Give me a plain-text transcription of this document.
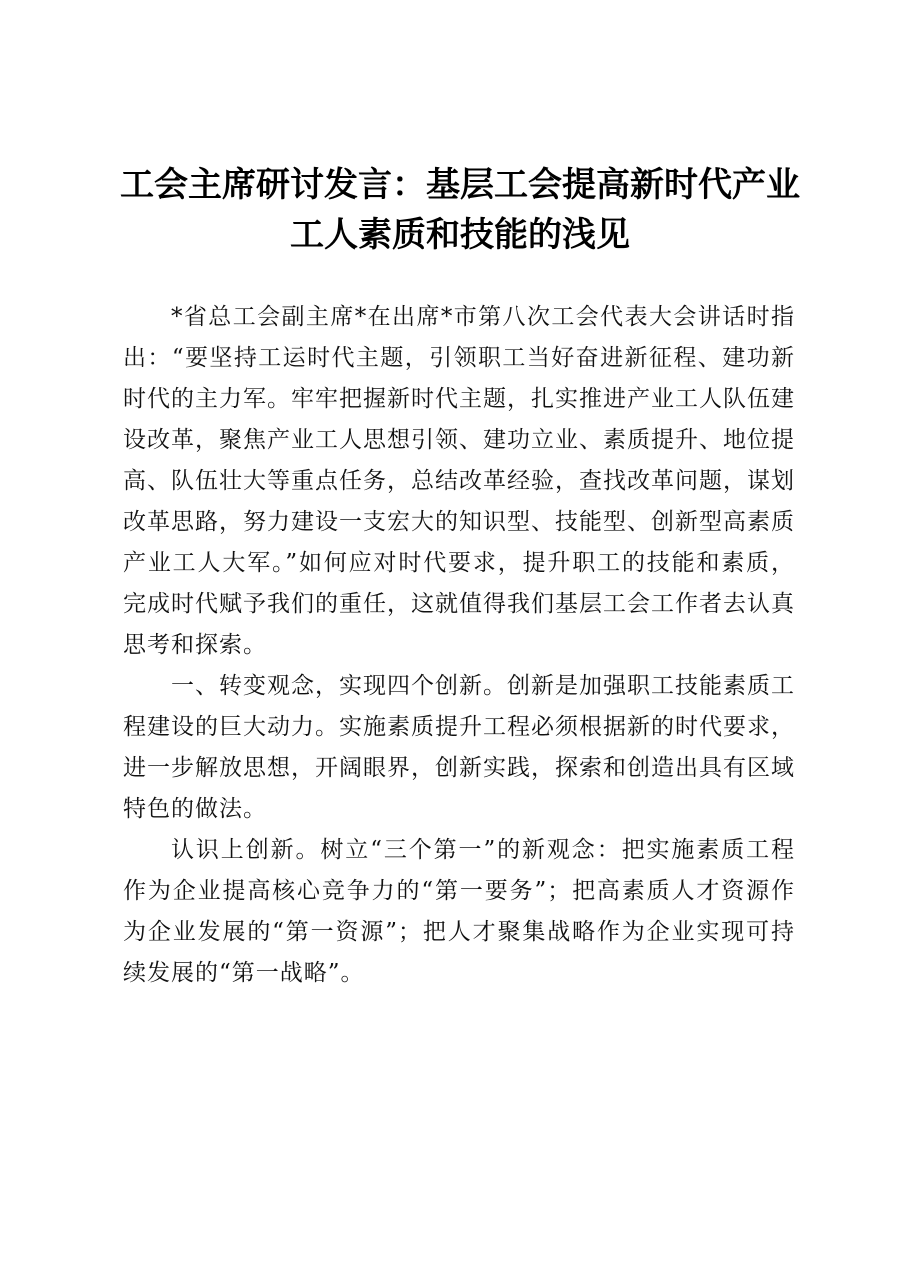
工会主席研讨发言：基层工会提高新时代产业
工人素质和技能的浅见

*省总工会副主席*在出席*市第八次工会代表大会讲话时指出：“要坚持工运时代主题，引领职工当好奋进新征程、建功新时代的主力军。牢牢把握新时代主题，扎实推进产业工人队伍建设改革，聚焦产业工人思想引领、建功立业、素质提升、地位提高、队伍壮大等重点任务，总结改革经验，查找改革问题，谋划改革思路，努力建设一支宏大的知识型、技能型、创新型高素质产业工人大军。”如何应对时代要求，提升职工的技能和素质，完成时代赋予我们的重任，这就值得我们基层工会工作者去认真思考和探索。

一、转变观念，实现四个创新。创新是加强职工技能素质工程建设的巨大动力。实施素质提升工程必须根据新的时代要求，进一步解放思想，开阔眼界，创新实践，探索和创造出具有区域特色的做法。

认识上创新。树立“三个第一”的新观念：把实施素质工程作为企业提高核心竞争力的“第一要务”；把高素质人才资源作为企业发展的“第一资源”；把人才聚集战略作为企业实现可持续发展的“第一战略”。
